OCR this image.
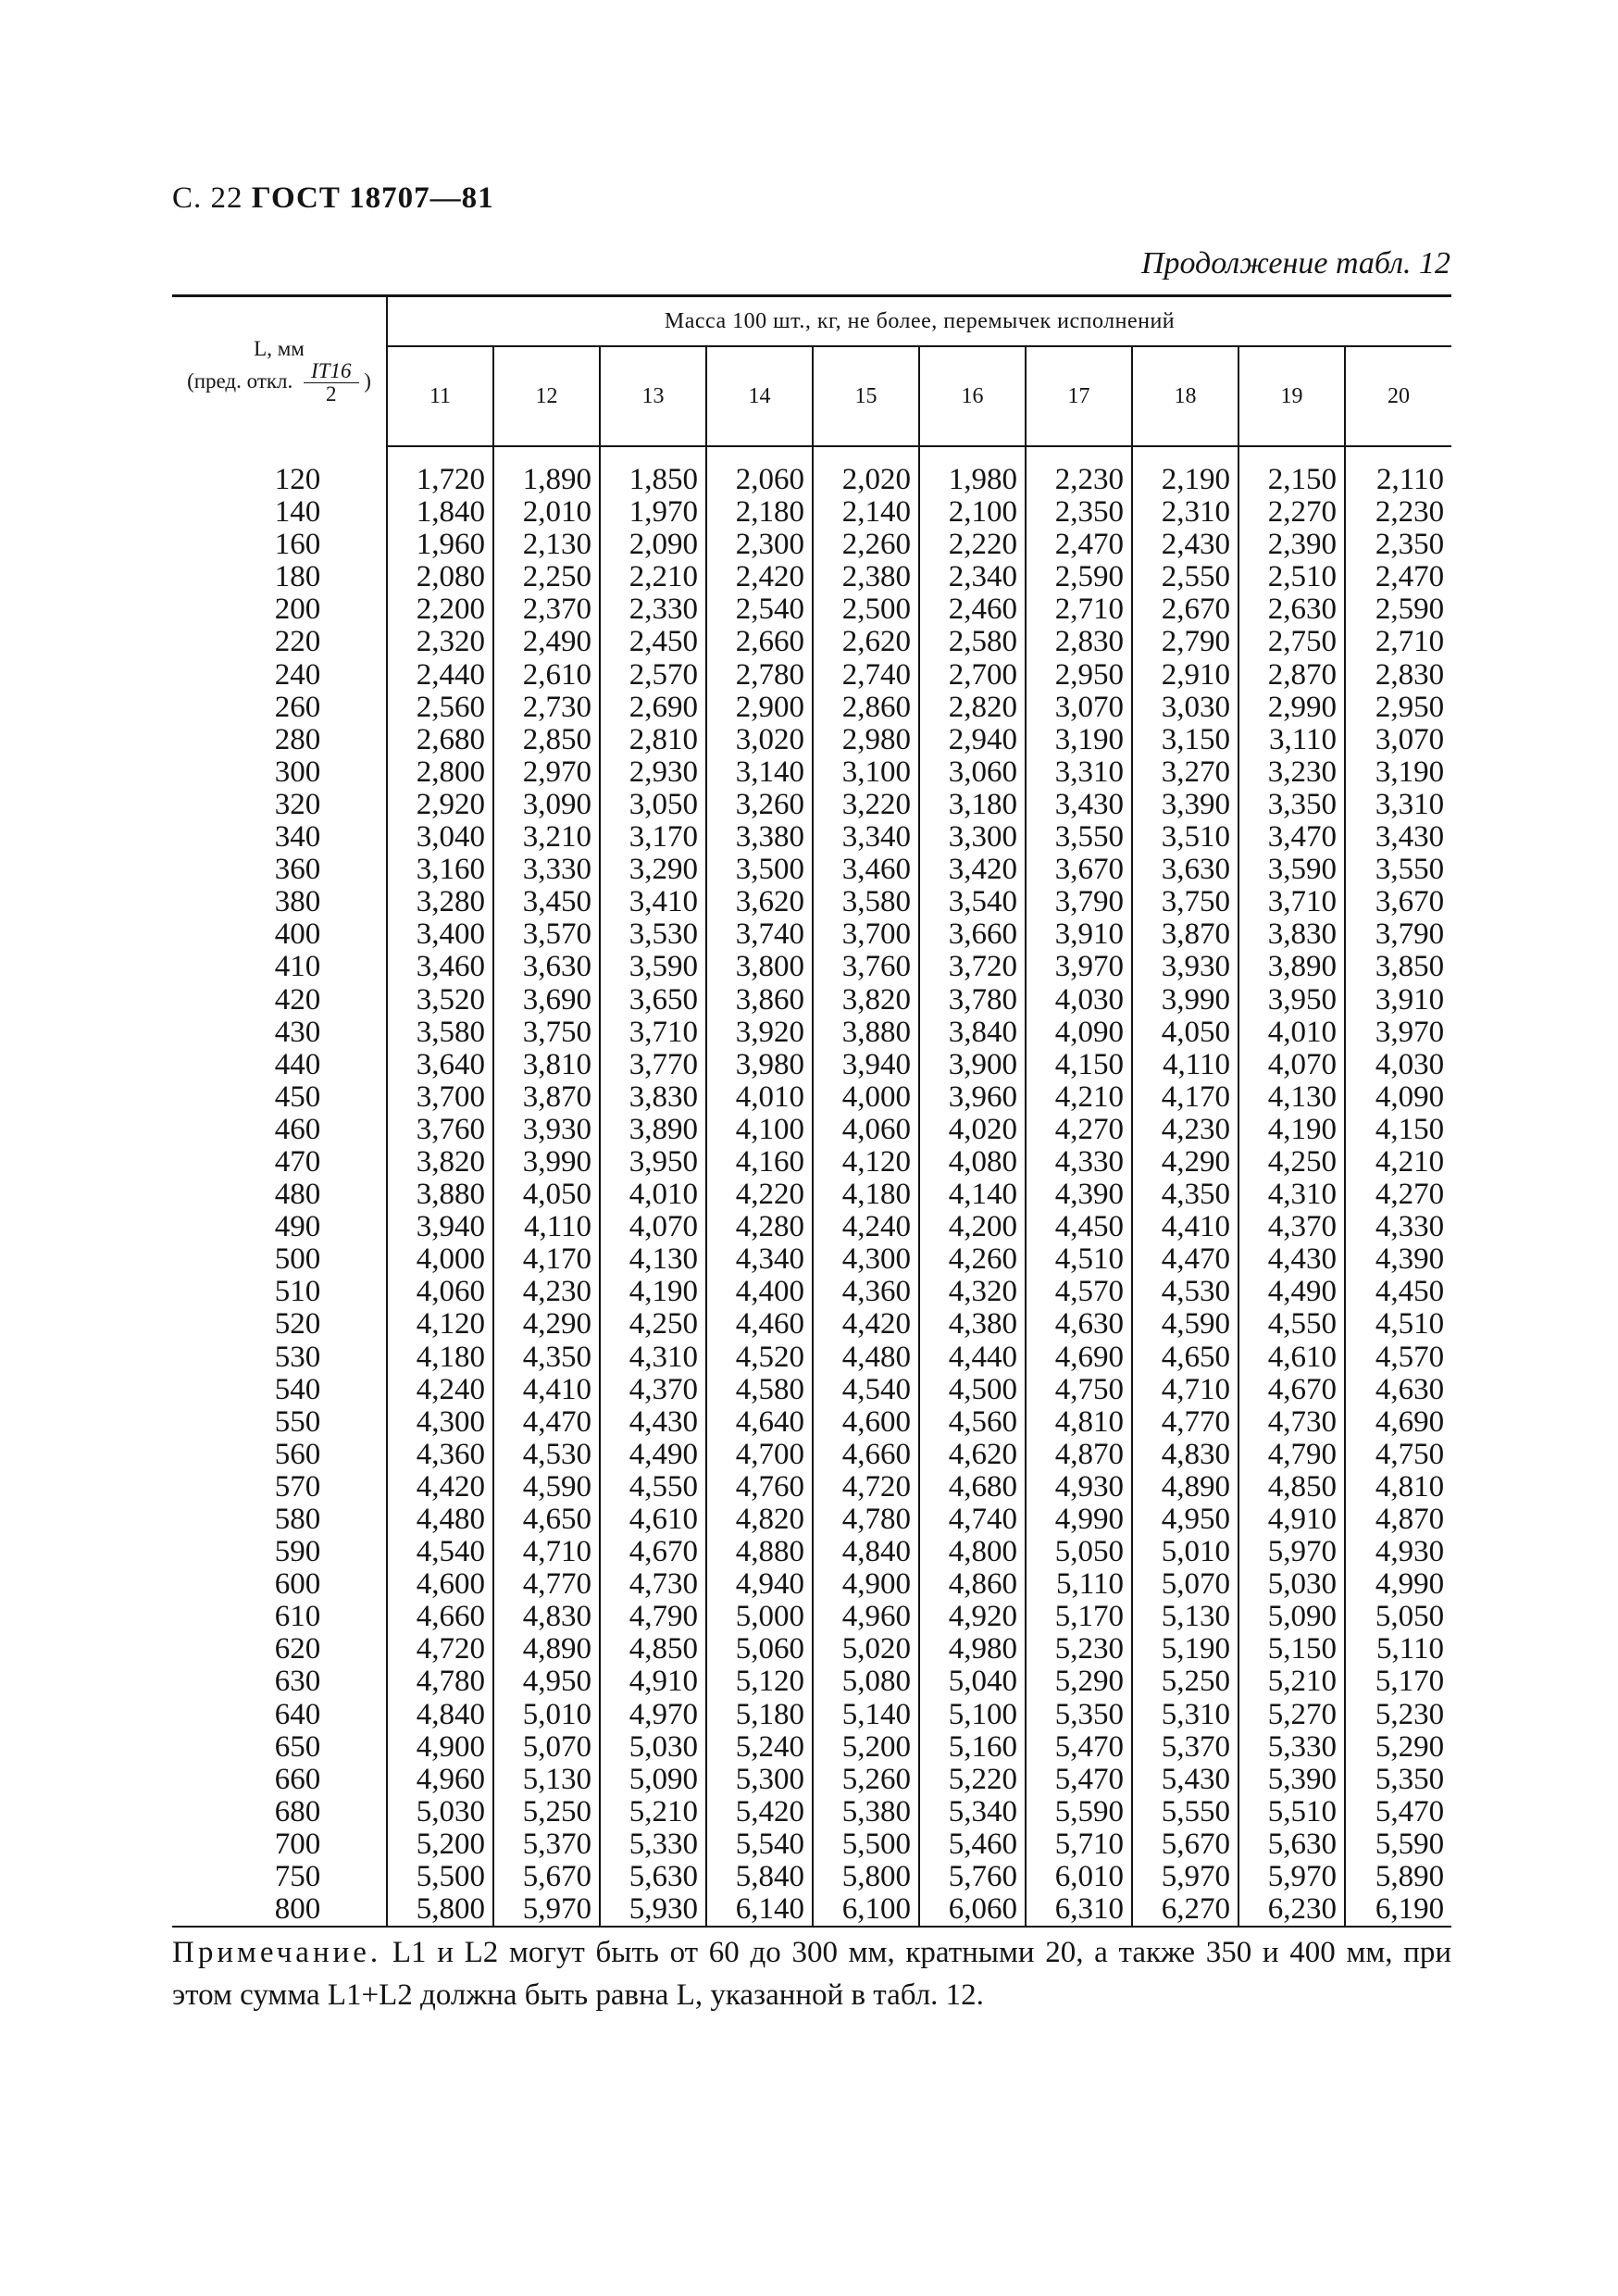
С. 22 ГОСТ 18707—81
Продолжение табл. 12
L, мм
(пред. откл. $\frac{IT16}{2}$ )	Масса 100 шт., кг, не более, перемычек исполнений									
	11	12	13	14	15	16	17	18	19	20

120	1,720	1,890	1,850	2,060	2,020	1,980	2,230	2,190	2,150	2,110
140	1,840	2,010	1,970	2,180	2,140	2,100	2,350	2,310	2,270	2,230
160	1,960	2,130	2,090	2,300	2,260	2,220	2,470	2,430	2,390	2,350
180	2,080	2,250	2,210	2,420	2,380	2,340	2,590	2,550	2,510	2,470
200	2,200	2,370	2,330	2,540	2,500	2,460	2,710	2,670	2,630	2,590
220	2,320	2,490	2,450	2,660	2,620	2,580	2,830	2,790	2,750	2,710
240	2,440	2,610	2,570	2,780	2,740	2,700	2,950	2,910	2,870	2,830
260	2,560	2,730	2,690	2,900	2,860	2,820	3,070	3,030	2,990	2,950
280	2,680	2,850	2,810	3,020	2,980	2,940	3,190	3,150	3,110	3,070
300	2,800	2,970	2,930	3,140	3,100	3,060	3,310	3,270	3,230	3,190
320	2,920	3,090	3,050	3,260	3,220	3,180	3,430	3,390	3,350	3,310
340	3,040	3,210	3,170	3,380	3,340	3,300	3,550	3,510	3,470	3,430
360	3,160	3,330	3,290	3,500	3,460	3,420	3,670	3,630	3,590	3,550
380	3,280	3,450	3,410	3,620	3,580	3,540	3,790	3,750	3,710	3,670
400	3,400	3,570	3,530	3,740	3,700	3,660	3,910	3,870	3,830	3,790
410	3,460	3,630	3,590	3,800	3,760	3,720	3,970	3,930	3,890	3,850
420	3,520	3,690	3,650	3,860	3,820	3,780	4,030	3,990	3,950	3,910
430	3,580	3,750	3,710	3,920	3,880	3,840	4,090	4,050	4,010	3,970
440	3,640	3,810	3,770	3,980	3,940	3,900	4,150	4,110	4,070	4,030
450	3,700	3,870	3,830	4,010	4,000	3,960	4,210	4,170	4,130	4,090
460	3,760	3,930	3,890	4,100	4,060	4,020	4,270	4,230	4,190	4,150
470	3,820	3,990	3,950	4,160	4,120	4,080	4,330	4,290	4,250	4,210
480	3,880	4,050	4,010	4,220	4,180	4,140	4,390	4,350	4,310	4,270
490	3,940	4,110	4,070	4,280	4,240	4,200	4,450	4,410	4,370	4,330
500	4,000	4,170	4,130	4,340	4,300	4,260	4,510	4,470	4,430	4,390
510	4,060	4,230	4,190	4,400	4,360	4,320	4,570	4,530	4,490	4,450
520	4,120	4,290	4,250	4,460	4,420	4,380	4,630	4,590	4,550	4,510
530	4,180	4,350	4,310	4,520	4,480	4,440	4,690	4,650	4,610	4,570
540	4,240	4,410	4,370	4,580	4,540	4,500	4,750	4,710	4,670	4,630
550	4,300	4,470	4,430	4,640	4,600	4,560	4,810	4,770	4,730	4,690
560	4,360	4,530	4,490	4,700	4,660	4,620	4,870	4,830	4,790	4,750
570	4,420	4,590	4,550	4,760	4,720	4,680	4,930	4,890	4,850	4,810
580	4,480	4,650	4,610	4,820	4,780	4,740	4,990	4,950	4,910	4,870
590	4,540	4,710	4,670	4,880	4,840	4,800	5,050	5,010	5,970	4,930
600	4,600	4,770	4,730	4,940	4,900	4,860	5,110	5,070	5,030	4,990
610	4,660	4,830	4,790	5,000	4,960	4,920	5,170	5,130	5,090	5,050
620	4,720	4,890	4,850	5,060	5,020	4,980	5,230	5,190	5,150	5,110
630	4,780	4,950	4,910	5,120	5,080	5,040	5,290	5,250	5,210	5,170
640	4,840	5,010	4,970	5,180	5,140	5,100	5,350	5,310	5,270	5,230
650	4,900	5,070	5,030	5,240	5,200	5,160	5,470	5,370	5,330	5,290
660	4,960	5,130	5,090	5,300	5,260	5,220	5,470	5,430	5,390	5,350
680	5,030	5,250	5,210	5,420	5,380	5,340	5,590	5,550	5,510	5,470
700	5,200	5,370	5,330	5,540	5,500	5,460	5,710	5,670	5,630	5,590
750	5,500	5,670	5,630	5,840	5,800	5,760	6,010	5,970	5,970	5,890
800	5,800	5,970	5,930	6,140	6,100	6,060	6,310	6,270	6,230	6,190
Примечание. L1 и L2 могут быть от 60 до 300 мм, кратными 20, а также 350 и 400 мм, при этом сумма L1+L2 должна быть равна L, указанной в табл. 12.
